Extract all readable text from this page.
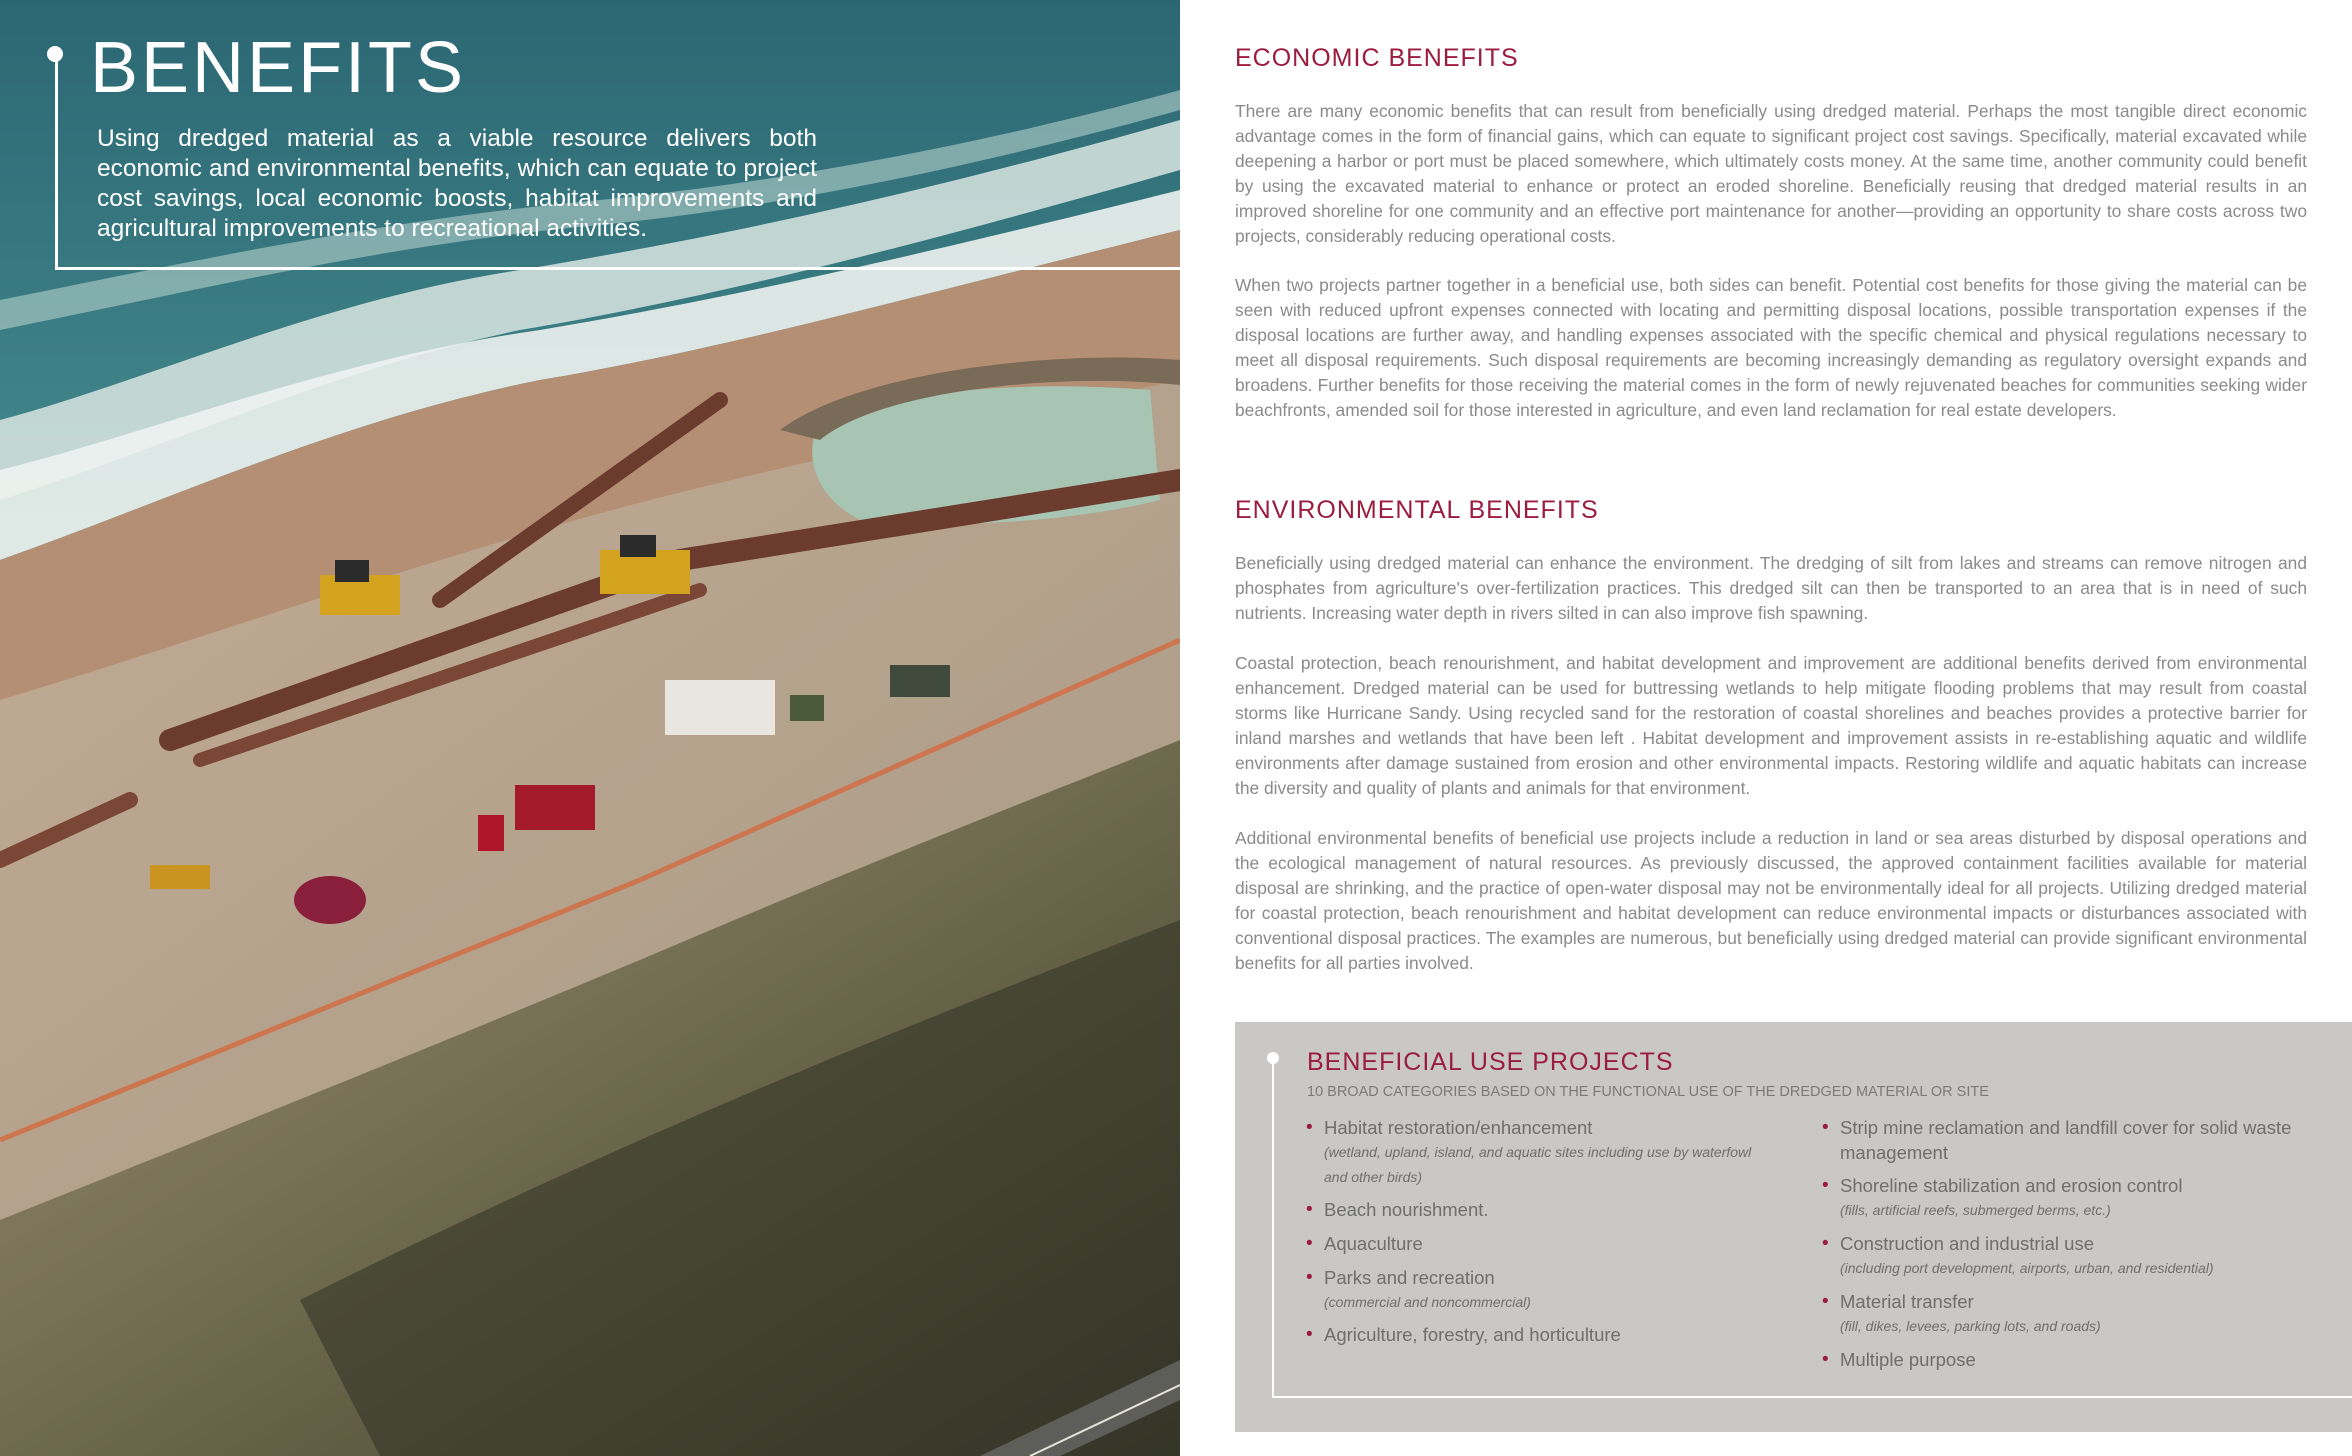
BENEFITS

Using dredged material as a viable resource delivers both economic and environmental benefits, which can equate to project cost savings, local economic boosts, habitat improvements and agricultural improvements to recreational activities.

ECONOMIC BENEFITS

There are many economic benefits that can result from beneficially using dredged material. Perhaps the most tangible direct economic advantage comes in the form of financial gains, which can equate to significant project cost savings. Specifically, material excavated while deepening a harbor or port must be placed somewhere, which ultimately costs money. At the same time, another community could benefit by using the excavated material to enhance or protect an eroded shoreline. Beneficially reusing that dredged material results in an improved shoreline for one community and an effective port maintenance for another—providing an opportunity to share costs across two projects, considerably reducing operational costs.

When two projects partner together in a beneficial use, both sides can benefit. Potential cost benefits for those giving the material can be seen with reduced upfront expenses connected with locating and permitting disposal locations, possible transportation expenses if the disposal locations are further away, and handling expenses associated with the specific chemical and physical regulations necessary to meet all disposal requirements. Such disposal requirements are becoming increasingly demanding as regulatory oversight expands and broadens. Further benefits for those receiving the material comes in the form of newly rejuvenated beaches for communities seeking wider beachfronts, amended soil for those interested in agriculture, and even land reclamation for real estate developers.

ENVIRONMENTAL BENEFITS

Beneficially using dredged material can enhance the environment. The dredging of silt from lakes and streams can remove nitrogen and phosphates from agriculture's over-fertilization practices. This dredged silt can then be transported to an area that is in need of such nutrients. Increasing water depth in rivers silted in can also improve fish spawning.

Coastal protection, beach renourishment, and habitat development and improvement are additional benefits derived from environmental enhancement. Dredged material can be used for buttressing wetlands to help mitigate flooding problems that may result from coastal storms like Hurricane Sandy. Using recycled sand for the restoration of coastal shorelines and beaches provides a protective barrier for inland marshes and wetlands that have been left . Habitat development and improvement assists in re-establishing aquatic and wildlife environments after damage sustained from erosion and other environmental impacts. Restoring wildlife and aquatic habitats can increase the diversity and quality of plants and animals for that environment.

Additional environmental benefits of beneficial use projects include a reduction in land or sea areas disturbed by disposal operations and the ecological management of natural resources. As previously discussed, the approved containment facilities available for material disposal are shrinking, and the practice of open-water disposal may not be environmentally ideal for all projects. Utilizing dredged material for coastal protection, beach renourishment and habitat development can reduce environmental impacts or disturbances associated with conventional disposal practices. The examples are numerous, but beneficially using dredged material can provide significant environmental benefits for all parties involved.

BENEFICIAL USE PROJECTS

10 BROAD CATEGORIES BASED ON THE FUNCTIONAL USE OF THE DREDGED MATERIAL OR SITE

• Habitat restoration/enhancement
(wetland, upland, island, and aquatic sites including use by waterfowl and other birds)
• Beach nourishment.
• Aquaculture
• Parks and recreation
(commercial and noncommercial)
• Agriculture, forestry, and horticulture
• Strip mine reclamation and landfill cover for solid waste management
• Shoreline stabilization and erosion control
(fills, artificial reefs, submerged berms, etc.)
• Construction and industrial use
(including port development, airports, urban, and residential)
• Material transfer
(fill, dikes, levees, parking lots, and roads)
• Multiple purpose
